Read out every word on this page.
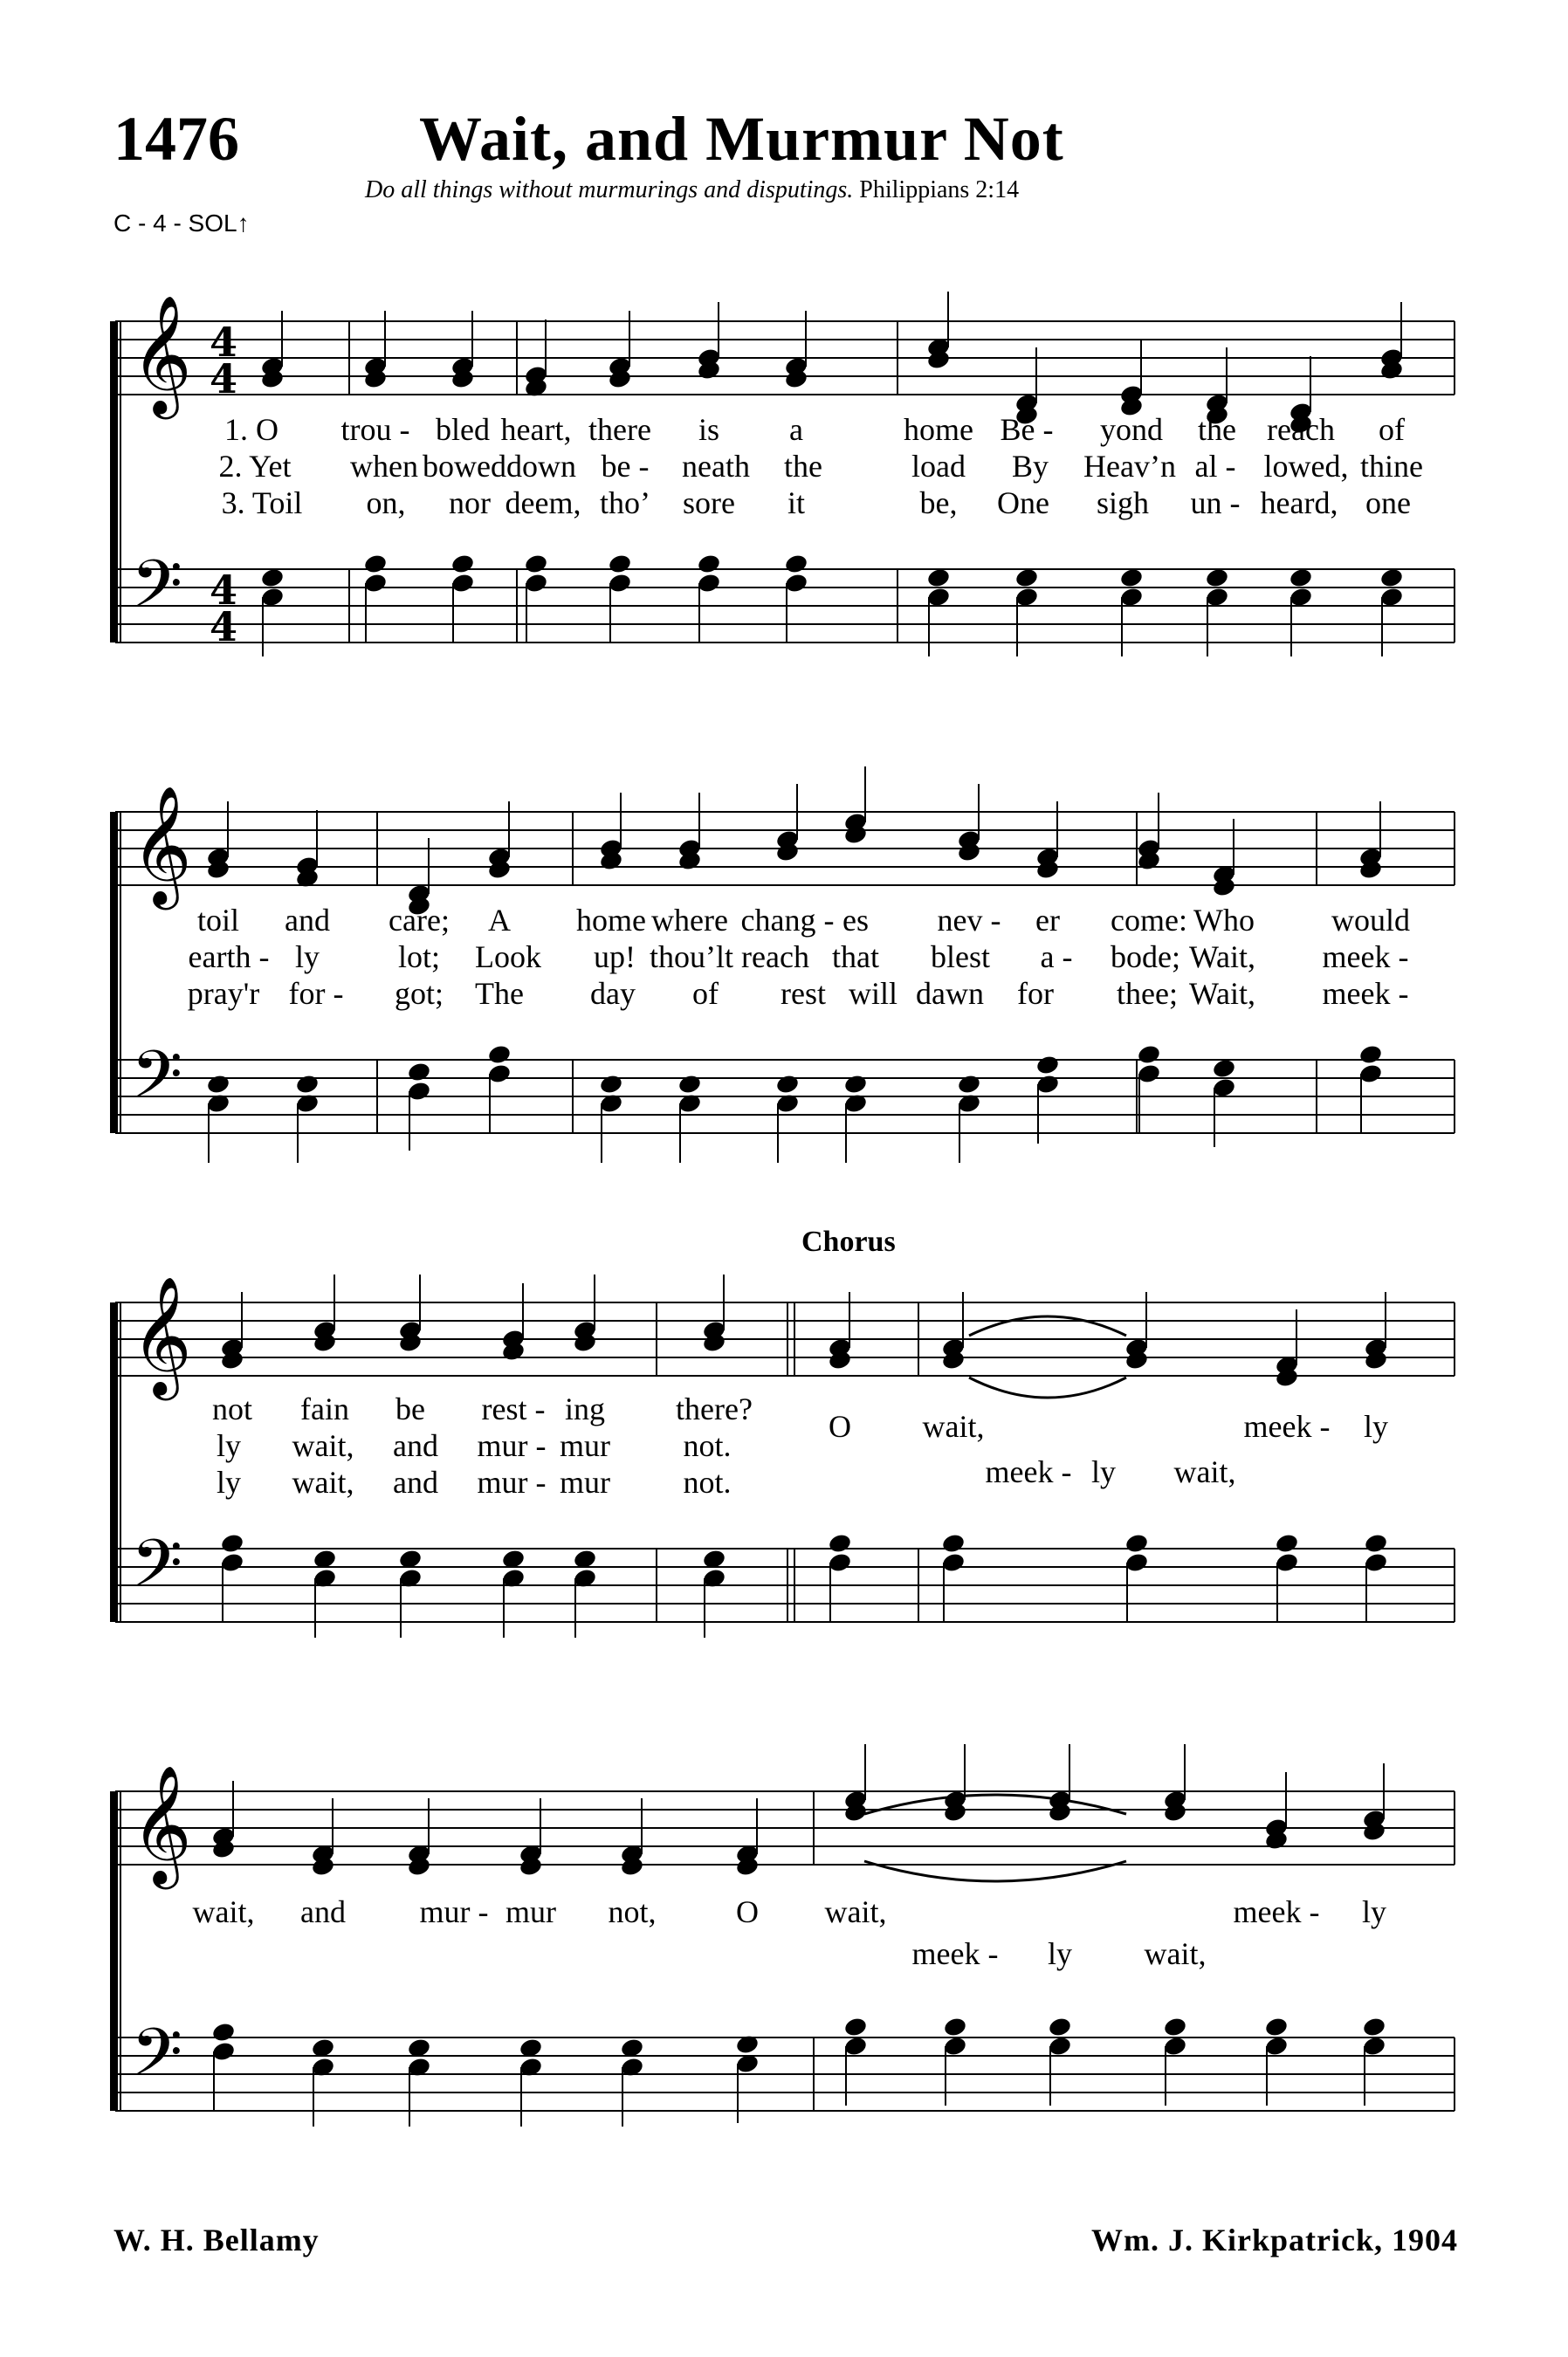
𝄞
𝄢
4
4
4
4
𝄞
𝄢
𝄞
𝄢
𝄞
𝄢
1476	Wait, and Murmur Not
Do all things without murmurings and disputings. Philippians 2:14
C - 4 - SOL↑
Chorus
1. O trou - bled heart, there is a	home Be - yond the reach of
2. Yet when bowed down be - neath the	load By Heav’n al - lowed, thine
3. Toil on, nor deem, tho’ sore it	be, One sigh un - heard, one
toil and care; A home where chang - es nev - er come: Who would
earth - ly lot; Look up! thou’lt reach that blest a - bode; Wait, meek -
pray'r for - got; The day of rest will dawn for thee; Wait, meek -
not fain be rest - ing there? O wait,	meek - ly
ly wait, and mur - mur not.
ly wait, and mur - mur not.	meek - ly wait,
wait, and mur - mur not,	O wait,	meek - ly
meek - ly wait,
W. H. Bellamy	Wm. J. Kirkpatrick, 1904
